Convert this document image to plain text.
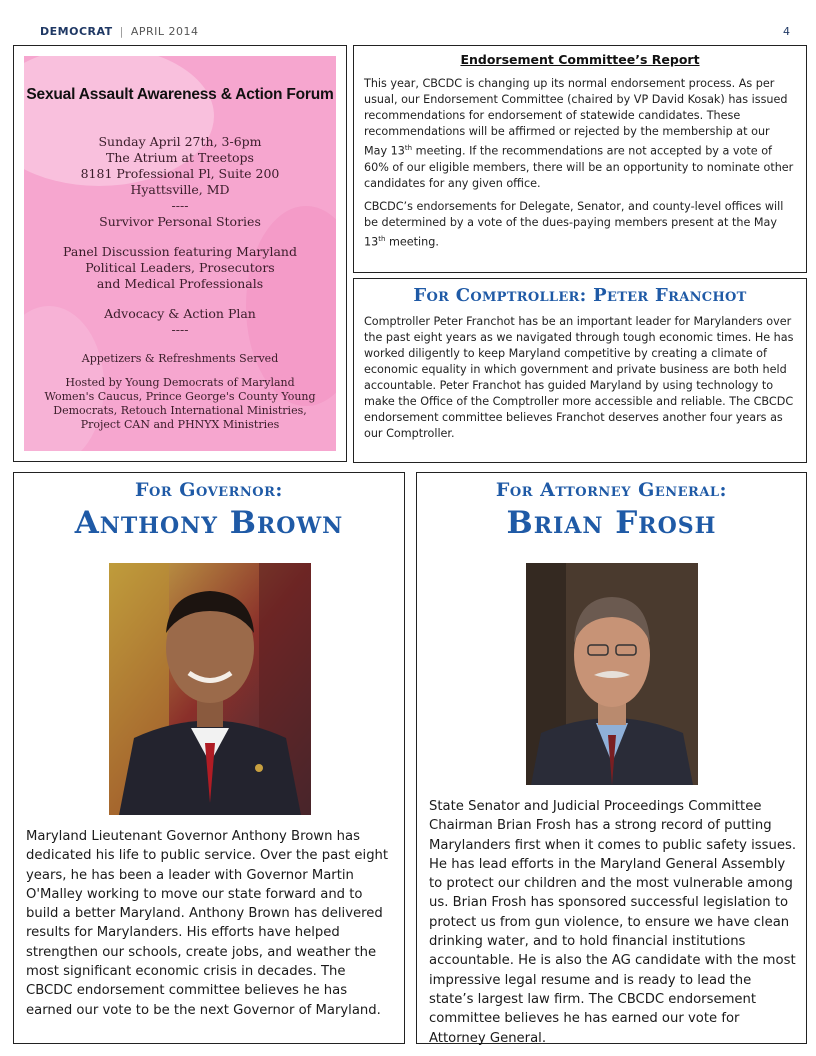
DEMOCRAT | APRIL 2014	4
Sexual Assault Awareness & Action Forum
Sunday April 27th, 3-6pm
The Atrium at Treetops
8181 Professional Pl, Suite 200
Hyattsville, MD
----
Survivor Personal Stories
Panel Discussion featuring Maryland
Political Leaders, Prosecutors
and Medical Professionals
Advocacy & Action Plan
----
Appetizers & Refreshments Served
Hosted by Young Democrats of Maryland
Women's Caucus, Prince George's County Young
Democrats, Retouch International Ministries,
Project CAN and PHNYX Ministries
Endorsement Committee’s Report

This year, CBCDC is changing up its normal endorsement process. As per usual, our Endorsement Committee (chaired by VP David Kosak) has issued recommendations for endorsement of statewide candidates. These recommendations will be affirmed or rejected by the membership at our May 13th meeting. If the recommendations are not accepted by a vote of 60% of our eligible members, there will be an opportunity to nominate other candidates for any given office.

CBCDC’s endorsements for Delegate, Senator, and county-level offices will be determined by a vote of the dues-paying members present at the May 13th meeting.

For Comptroller: Peter Franchot

Comptroller Peter Franchot has be an important leader for Marylanders over the past eight years as we navigated through tough economic times. He has worked diligently to keep Maryland competitive by creating a climate of economic equality in which government and private business are both held accountable. Peter Franchot has guided Maryland by using technology to make the Office of the Comptroller more accessible and reliable. The CBCDC endorsement committee believes Franchot deserves another four years as our Comptroller.

For Governor:
Anthony Brown

Maryland Lieutenant Governor Anthony Brown has dedicated his life to public service. Over the past eight years, he has been a leader with Governor Martin O'Malley working to move our state forward and to build a better Maryland. Anthony Brown has delivered results for Marylanders. His efforts have helped strengthen our schools, create jobs, and weather the most significant economic crisis in decades. The CBCDC endorsement committee believes he has earned our vote to be the next Governor of Maryland.

For Attorney General:
Brian Frosh

State Senator and Judicial Proceedings Committee Chairman Brian Frosh has a strong record of putting Marylanders first when it comes to public safety issues. He has lead efforts in the Maryland General Assembly to protect our children and the most vulnerable among us. Brian Frosh has sponsored successful legislation to protect us from gun violence, to ensure we have clean drinking water, and to hold financial institutions accountable. He is also the AG candidate with the most impressive legal resume and is ready to lead the state’s largest law firm. The CBCDC endorsement committee believes he has earned our vote for Attorney General.
